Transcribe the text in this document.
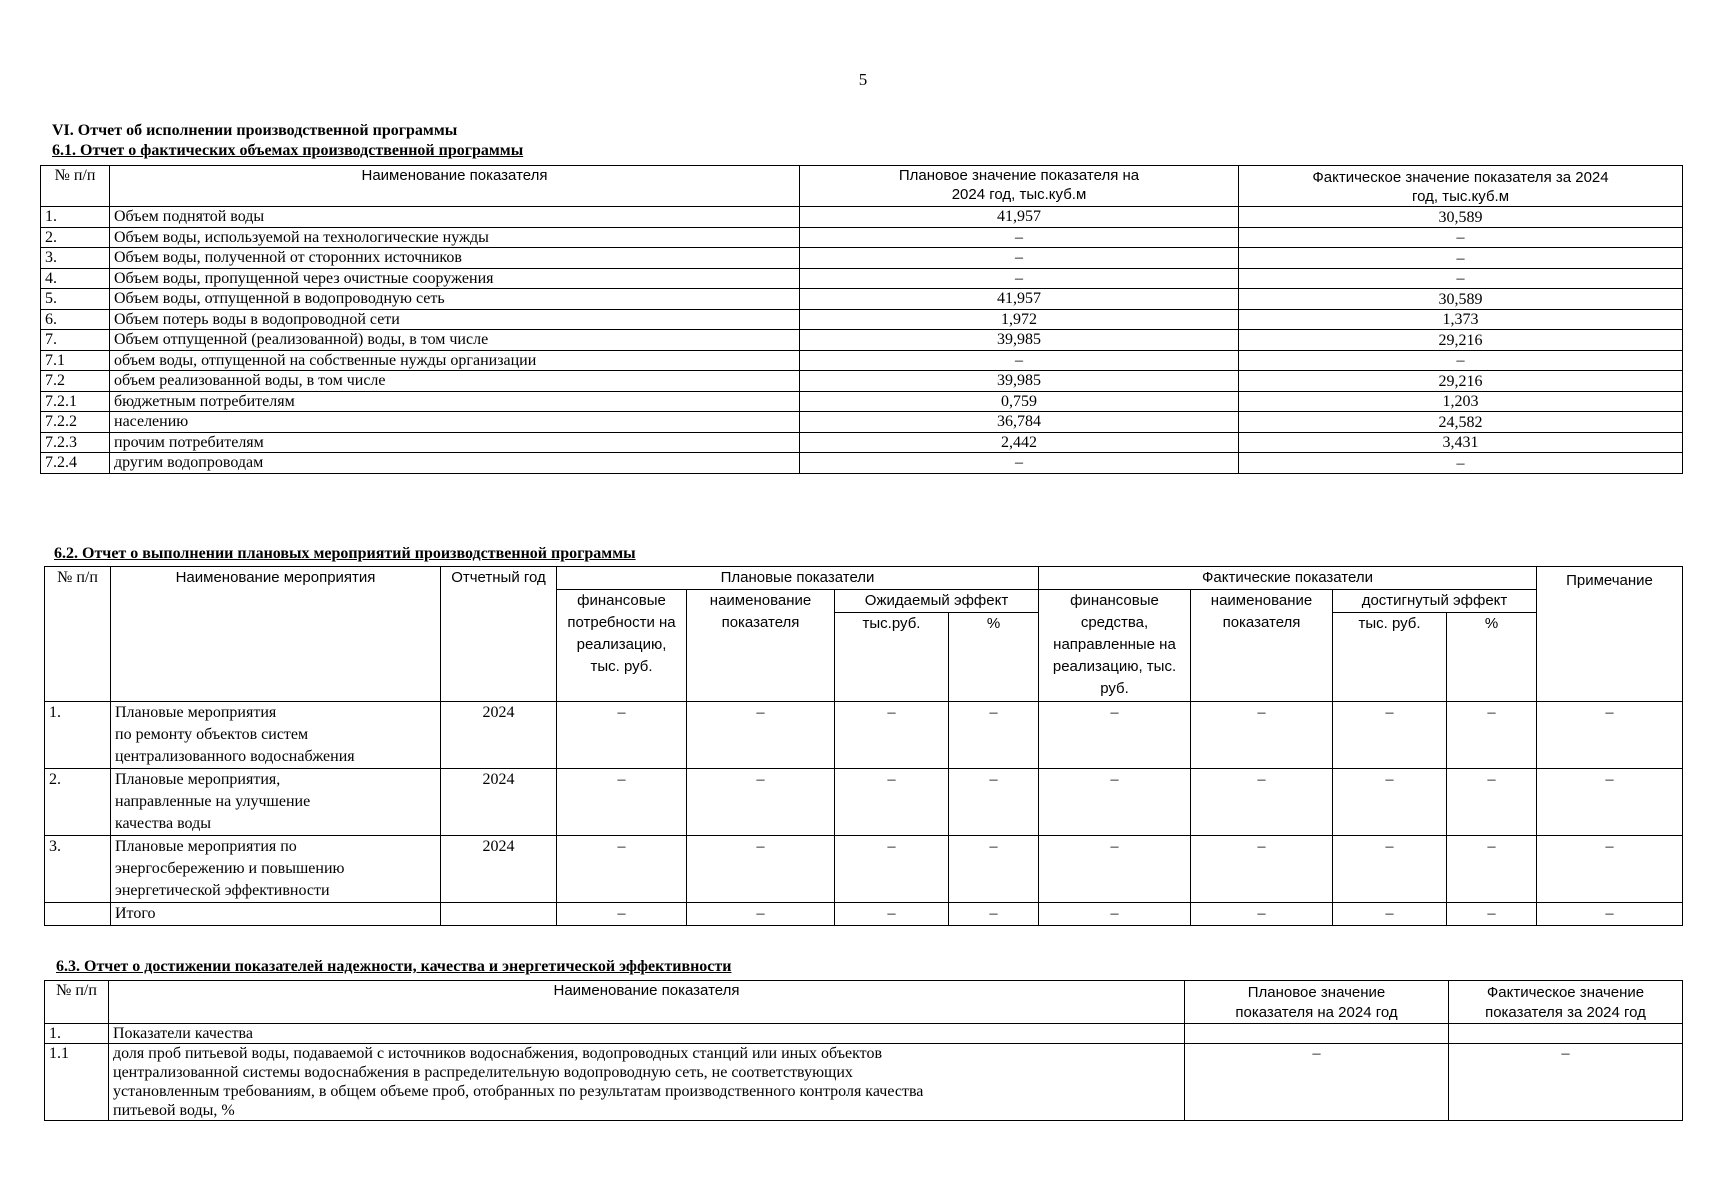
5

VI. Отчет об исполнении производственной программы

6.1. Отчет о фактических объемах производственной программы

№ п/п	Наименование показателя	Плановое значение показателя на 2024 год, тыс.куб.м	Фактическое значение показателя за 2024 год, тыс.куб.м
1.	Объем поднятой воды	41,957	30,589
2.	Объем воды, используемой на технологические нужды	–	–
3.	Объем воды, полученной от сторонних источников	–	–
4.	Объем воды, пропущенной через очистные сооружения	–	–
5.	Объем воды, отпущенной в водопроводную сеть	41,957	30,589
6.	Объем потерь воды в водопроводной сети	1,972	1,373
7.	Объем отпущенной (реализованной) воды, в том числе	39,985	29,216
7.1	объем воды, отпущенной на собственные нужды организации	–	–
7.2	объем реализованной воды, в том числе	39,985	29,216
7.2.1	бюджетным потребителям	0,759	1,203
7.2.2	населению	36,784	24,582
7.2.3	прочим потребителям	2,442	3,431
7.2.4	другим водопроводам	–	–

6.2. Отчет о выполнении плановых мероприятий производственной программы

№ п/п	Наименование мероприятия	Отчетный год	Плановые показатели				Фактические показатели				Примечание
			финансовые потребности на реализацию, тыс. руб.	наименование показателя	Ожидаемый эффект		финансовые средства, направленные на реализацию, тыс. руб.	наименование показателя	достигнутый эффект		
					тыс.руб.	%			тыс. руб.	%	
1.	Плановые мероприятия
по ремонту объектов систем
централизованного водоснабжения	2024	–	–	–	–	–	–	–	–	–
2.	Плановые мероприятия,
направленные на улучшение
качества воды	2024	–	–	–	–	–	–	–	–	–
3.	Плановые мероприятия по
энергосбережению и повышению
энергетической эффективности	2024	–	–	–	–	–	–	–	–	–
	Итого		–	–	–	–	–	–	–	–	–

6.3. Отчет о достижении показателей надежности, качества и энергетической эффективности

№ п/п	Наименование показателя	Плановое значение показателя на 2024 год	Фактическое значение показателя за 2024 год
1.	Показатели качества		

1.1	доля проб питьевой воды, подаваемой с источников водоснабжения, водопроводных станций или иных объектов
централизованной системы водоснабжения в распределительную водопроводную сеть, не соответствующих
установленным требованиям, в общем объеме проб, отобранных по результатам производственного контроля качества
питьевой воды, %	–	–
